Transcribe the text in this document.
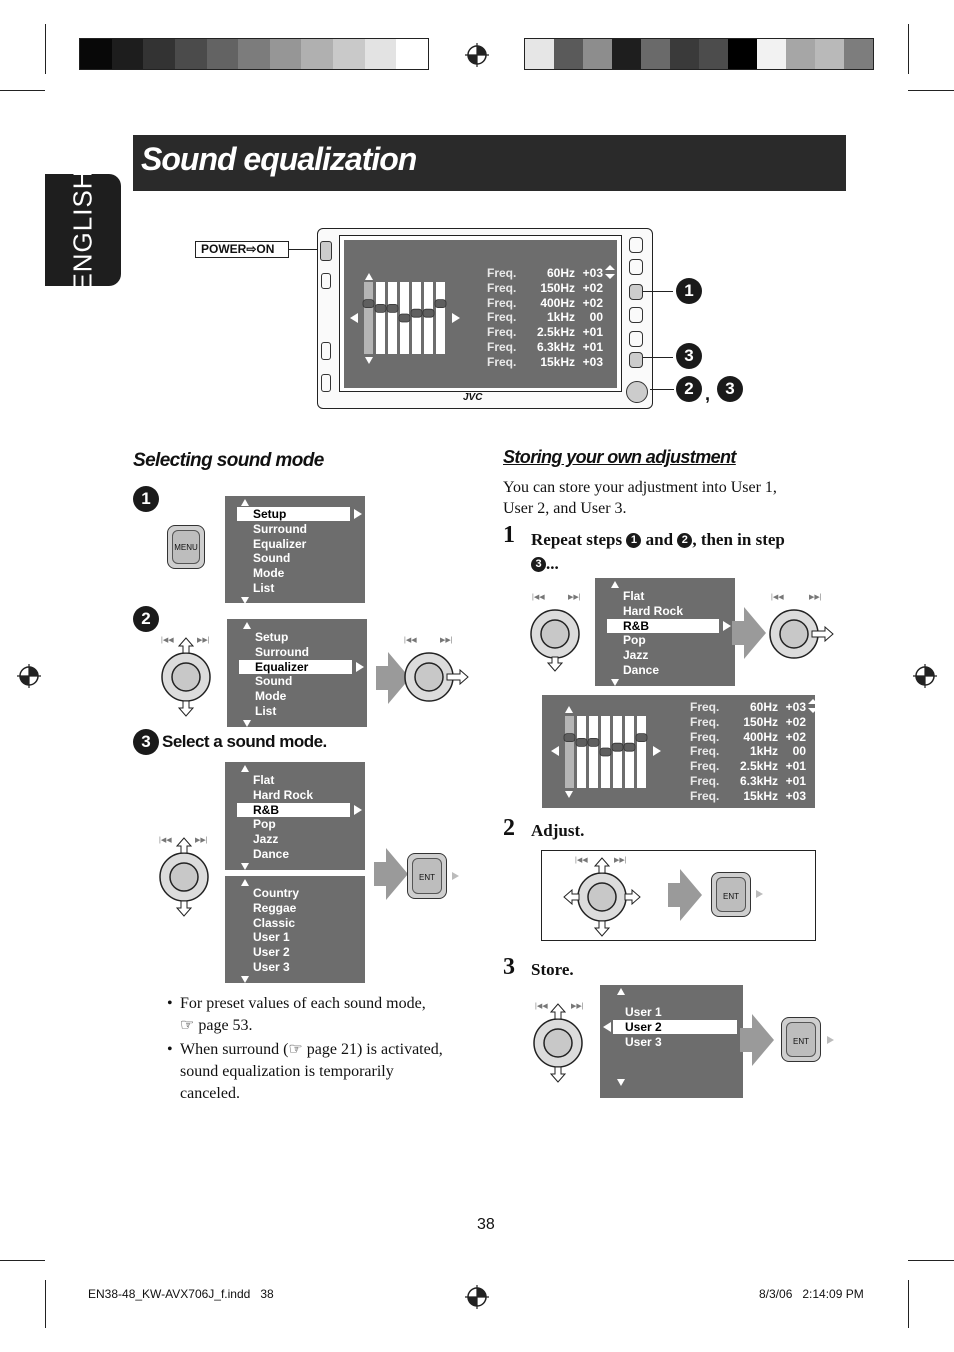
ENGLISH
Sound equalization
POWER⇨ON
Freq.	60Hz +03
Freq. 150Hz +02
Freq. 400Hz +02
Freq.	1kHz 00
Freq. 2.5kHz +01
Freq. 6.3kHz +01
Freq. 15kHz +03
JVC
1
3
2 , 3
Selecting sound mode
1
MENU
Setup
Surround
Equalizer
Sound
Mode
List
2
|◀◀	▶▶|	Setup
Surround
Equalizer
Sound
Mode
List
|◀◀	▶▶|
3 Select a sound mode.
Flat
Hard Rock
R&B
Pop
Jazz
Dance
Country
Reggae
Classic
User 1
User 2
User 3
|◀◀	▶▶|
ENT
• For preset values of each sound mode,
☞ page 53.
• When surround (☞ page 21) is activated,
sound equalization is temporarily
canceled.
Storing your own adjustment
You can store your adjustment into User 1,
User 2, and User 3.
1 Repeat steps 1 and 2 , then in step
3 ...
|◀◀	▶▶|	Flat
Hard Rock
R&B
Pop
Jazz
Dance
|◀◀	▶▶|
Freq.	60Hz +03
Freq. 150Hz +02
Freq. 400Hz +02
Freq.	1kHz 00
Freq. 2.5kHz +01
Freq. 6.3kHz +01
Freq. 15kHz +03
2 Adjust.
|◀◀	▶▶|
ENT
3 Store.
|◀◀	▶▶|	User 1
User 2
User 3	ENT
38
EN38-48_KW-AVX706J_f.indd   38	8/3/06   2:14:09 PM
